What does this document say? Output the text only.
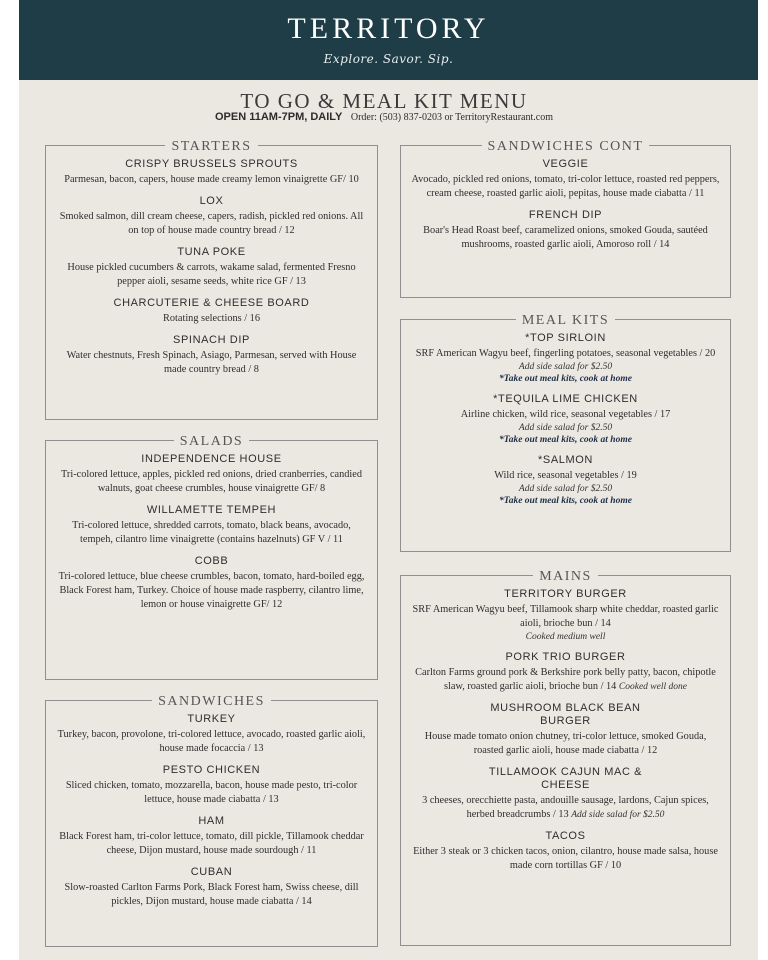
TERRITORY
Explore. Savor. Sip.
TO GO & MEAL KIT MENU
OPEN 11AM-7PM, DAILY Order: (503) 837-0203 or TerritoryRestaurant.com
STARTERS
CRISPY BRUSSELS SPROUTS
Parmesan, bacon, capers, house made creamy lemon vinaigrette GF/ 10
LOX
Smoked salmon, dill cream cheese, capers, radish, pickled red onions. All on top of house made country bread / 12
TUNA POKE
House pickled cucumbers & carrots, wakame salad, fermented Fresno pepper aioli, sesame seeds, white rice GF / 13
CHARCUTERIE & CHEESE BOARD
Rotating selections / 16
SPINACH DIP
Water chestnuts, Fresh Spinach, Asiago, Parmesan, served with House made country bread / 8
SALADS
INDEPENDENCE HOUSE
Tri-colored lettuce, apples, pickled red onions, dried cranberries, candied walnuts, goat cheese crumbles, house vinaigrette GF/ 8
WILLAMETTE TEMPEH
Tri-colored lettuce, shredded carrots, tomato, black beans, avocado, tempeh, cilantro lime vinaigrette (contains hazelnuts) GF V / 11
COBB
Tri-colored lettuce, blue cheese crumbles, bacon, tomato, hard-boiled egg, Black Forest ham, Turkey. Choice of house made raspberry, cilantro lime, lemon or house vinaigrette GF/ 12
SANDWICHES
TURKEY
Turkey, bacon, provolone, tri-colored lettuce, avocado, roasted garlic aioli, house made focaccia / 13
PESTO CHICKEN
Sliced chicken, tomato, mozzarella, bacon, house made pesto, tri-color lettuce, house made ciabatta / 13
HAM
Black Forest ham, tri-color lettuce, tomato, dill pickle, Tillamook cheddar cheese, Dijon mustard, house made sourdough / 11
CUBAN
Slow-roasted Carlton Farms Pork, Black Forest ham, Swiss cheese, dill pickles, Dijon mustard, house made ciabatta / 14
SANDWICHES CONT
VEGGIE
Avocado, pickled red onions, tomato, tri-color lettuce, roasted red peppers, cream cheese, roasted garlic aioli, pepitas, house made ciabatta / 11
FRENCH DIP
Boar's Head Roast beef, caramelized onions, smoked Gouda, sautéed mushrooms, roasted garlic aioli, Amoroso roll / 14
MEAL KITS
*TOP SIRLOIN
SRF American Wagyu beef, fingerling potatoes, seasonal vegetables / 20
Add side salad for $2.50
*Take out meal kits, cook at home
*TEQUILA LIME CHICKEN
Airline chicken, wild rice, seasonal vegetables / 17
Add side salad for $2.50
*Take out meal kits, cook at home
*SALMON
Wild rice, seasonal vegetables / 19
Add side salad for $2.50
*Take out meal kits, cook at home
MAINS
TERRITORY BURGER
SRF American Wagyu beef, Tillamook sharp white cheddar, roasted garlic aioli, brioche bun / 14
Cooked medium well
PORK TRIO BURGER
Carlton Farms ground pork & Berkshire pork belly patty, bacon, chipotle slaw, roasted garlic aioli, brioche bun / 14 Cooked well done
MUSHROOM BLACK BEAN BURGER
House made tomato onion chutney, tri-color lettuce, smoked Gouda, roasted garlic aioli, house made ciabatta / 12
TILLAMOOK CAJUN MAC & CHEESE
3 cheeses, orecchiette pasta, andouille sausage, lardons, Cajun spices, herbed breadcrumbs / 13 Add side salad for $2.50
TACOS
Either 3 steak or 3 chicken tacos, onion, cilantro, house made salsa, house made corn tortillas GF / 10
